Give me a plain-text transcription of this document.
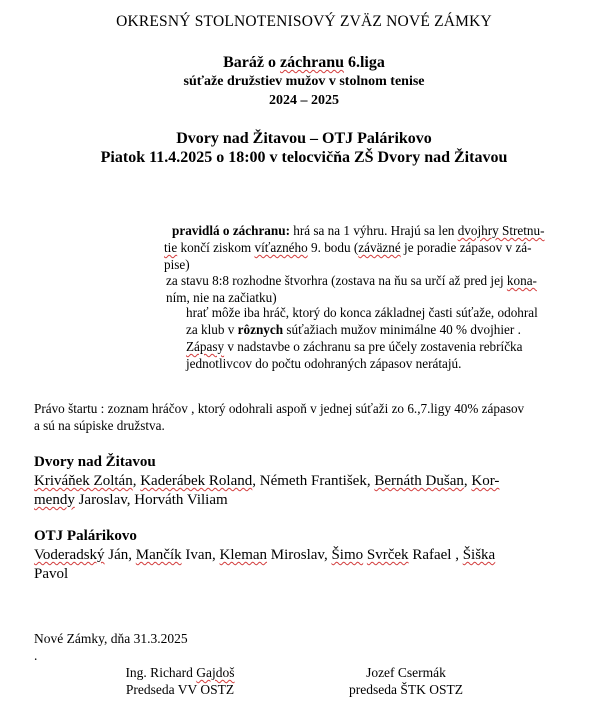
OKRESNÝ STOLNOTENISOVÝ ZVÄZ NOVÉ ZÁMKY
Baráž o záchranu 6.liga
súťaže družstiev mužov v stolnom tenise
2024 – 2025
Dvory nad Žitavou – OTJ Palárikovo
Piatok 11.4.2025 o 18:00 v telocvičňa ZŠ Dvory nad Žitavou
pravidlá o záchranu: hrá sa na 1 výhru. Hrajú sa len dvojhry Stretnu-
tie končí ziskom víťazného 9. bodu (záväzné je poradie zápasov v zá-
pise)
za stavu 8:8 rozhodne štvorhra (zostava na ňu sa určí až pred jej kona-
ním, nie na začiatku)
hrať môže iba hráč, ktorý do konca základnej časti súťaže, odohral
za klub v rôznych súťažiach mužov minimálne 40 % dvojhier .
Zápasy v nadstavbe o záchranu sa pre účely zostavenia rebríčka
jednotlivcov do počtu odohraných zápasov nerátajú.
Právo štartu : zoznam hráčov , ktorý odohrali aspoň v jednej súťaži zo 6.,7.ligy 40% zápasov
a sú na súpiske družstva.
Dvory nad Žitavou
Kriváňek Zoltán, Kaderábek Roland, Németh František, Bernáth Dušan, Kor-
mendy Jaroslav, Horváth Viliam
OTJ Palárikovo
Voderadský Ján, Mančík Ivan, Kleman Miroslav, Šimo Svrček Rafael , Šiška
Pavol
Nové Zámky, dňa 31.3.2025
.
Ing. Richard Gajdoš
Predseda VV OSTZ
Jozef Csermák
predseda ŠTK OSTZ
